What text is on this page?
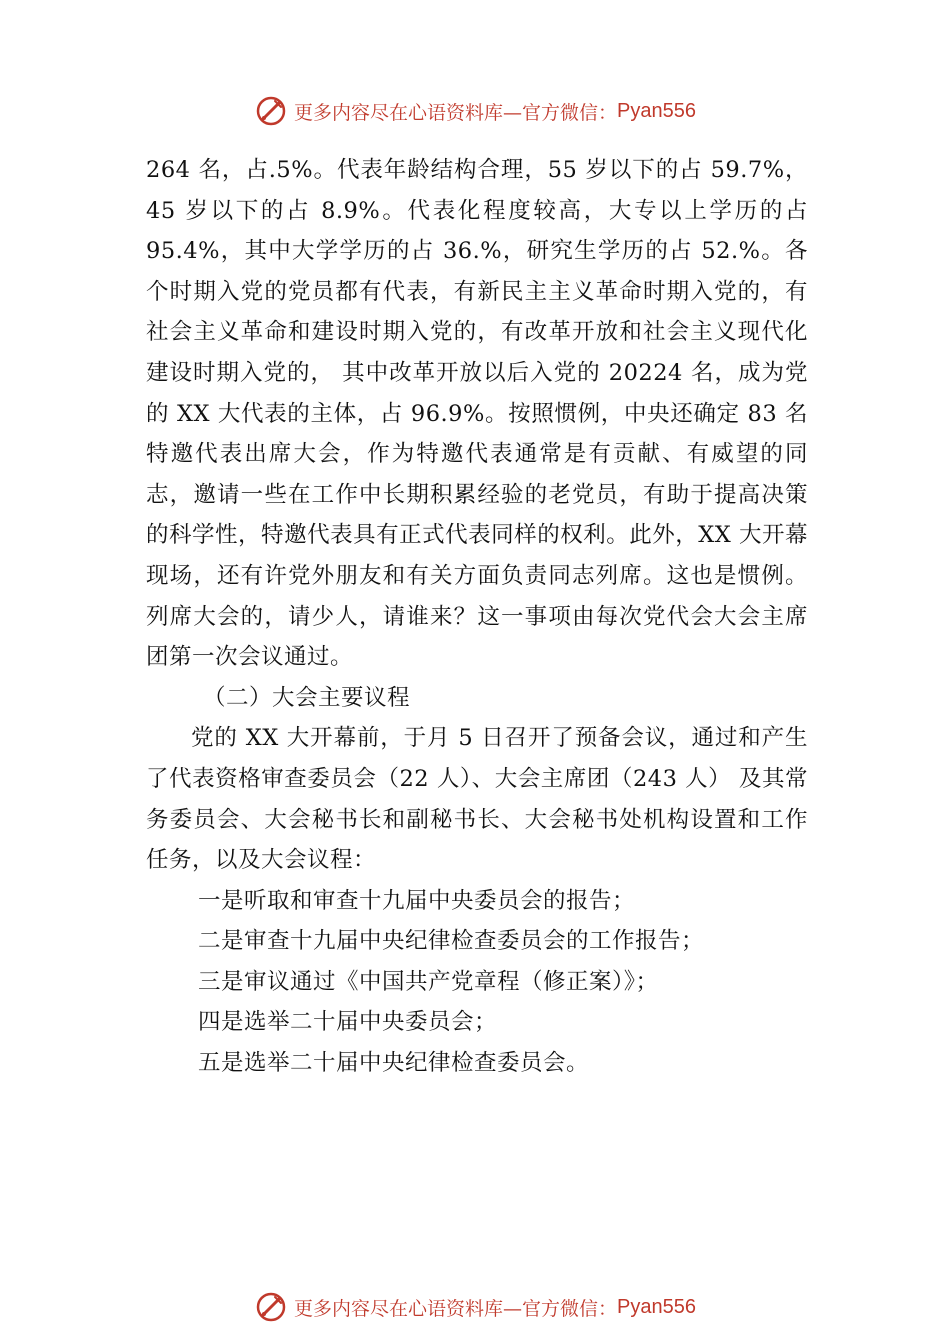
更多内容尽在心语资料库—官方微信： Pyan556

264 名，占.5%。代表年龄结构合理，55 岁以下的占 59.7%，45 岁以下的占 8.9%。代表化程度较高，大专以上学历的占 95.4%，其中大学学历的占 36.%，研究生学历的占 52.%。各个时期入党的党员都有代表，有新民主主义革命时期入党的，有社会主义革命和建设时期入党的，有改革开放和社会主义现代化建设时期入党的， 其中改革开放以后入党的 20224 名，成为党的 XX 大代表的主体，占 96.9%。按照惯例，中央还确定 83 名特邀代表出席大会，作为特邀代表通常是有贡献、有威望的同志，邀请一些在工作中长期积累经验的老党员，有助于提高决策的科学性，特邀代表具有正式代表同样的权利。此外，XX 大开幕现场，还有许党外朋友和有关方面负责同志列席。这也是惯例。列席大会的，请少人，请谁来？这一事项由每次党代会大会主席团第一次会议通过。

（二）大会主要议程

党的 XX 大开幕前，于月 5 日召开了预备会议，通过和产生了代表资格审查委员会（22 人）、大会主席团（243 人） 及其常务委员会、大会秘书长和副秘书长、大会秘书处机构设置和工作任务，以及大会议程：

一是听取和审查十九届中央委员会的报告；

二是审查十九届中央纪律检查委员会的工作报告；

三是审议通过《中国共产党章程（修正案）》；

四是选举二十届中央委员会；

五是选举二十届中央纪律检查委员会。

更多内容尽在心语资料库—官方微信： Pyan556
